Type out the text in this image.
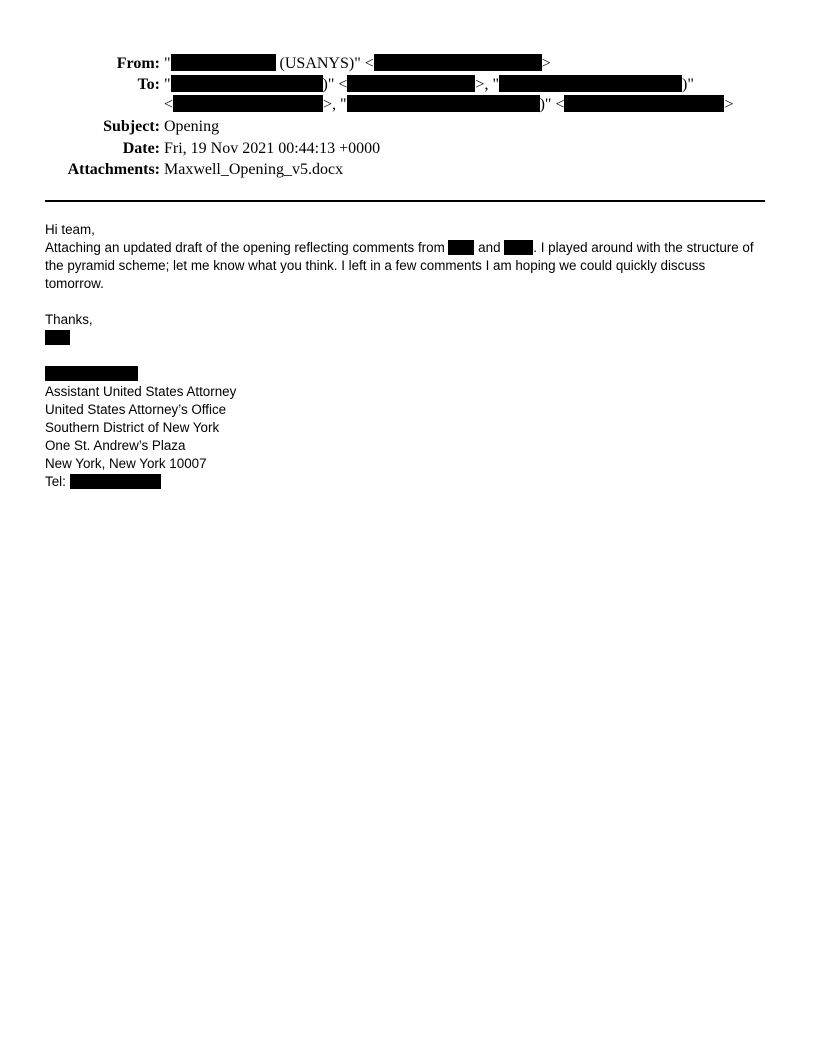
From: "	(USANYS)" <	>
To: "	)" <	>, "	)"
<	>, "	)" <	>
Subject: Opening
Date: Fri, 19 Nov 2021 00:44:13 +0000
Attachments: Maxwell_Opening_v5.docx
Hi team,
Attaching an updated draft of the opening reflecting comments from  and . I played around with the structure of
the pyramid scheme; let me know what you think. I left in a few comments I am hoping we could quickly discuss
tomorrow.
Thanks,
Assistant United States Attorney
United States Attorney’s Office
Southern District of New York
One St. Andrew’s Plaza
New York, New York 10007
Tel:
